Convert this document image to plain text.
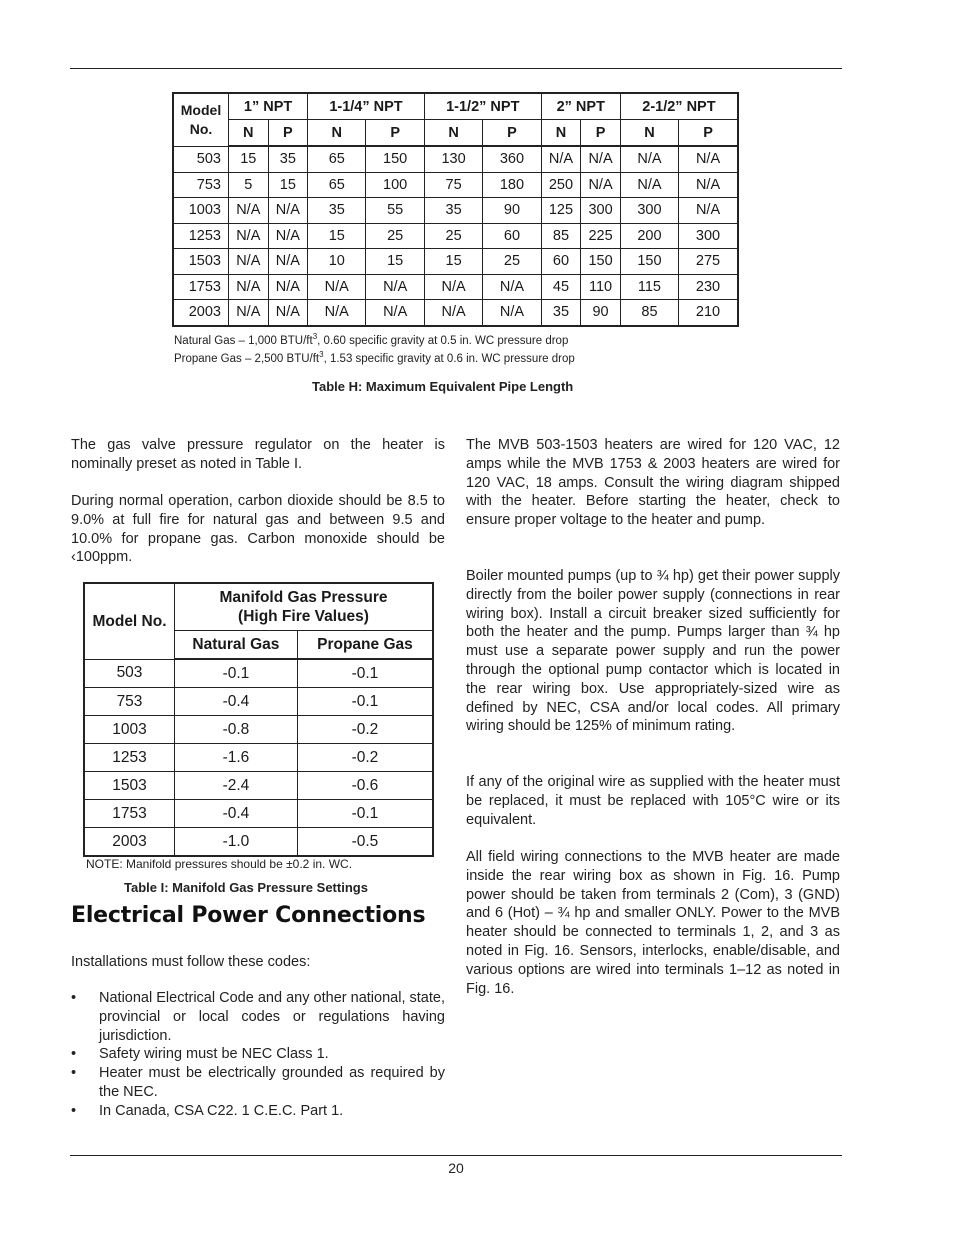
Model No.	1” NPT		1-1/4” NPT		1-1/2” NPT		2” NPT		2-1/2” NPT	
	N	P	N	P	N	P	N	P	N	P
503	15	35	65	150	130	360	N/A	N/A	N/A	N/A
753	5	15	65	100	75	180	250	N/A	N/A	N/A
1003	N/A	N/A	35	55	35	90	125	300	300	N/A
1253	N/A	N/A	15	25	25	60	85	225	200	300
1503	N/A	N/A	10	15	15	25	60	150	150	275
1753	N/A	N/A	N/A	N/A	N/A	N/A	45	110	115	230
2003	N/A	N/A	N/A	N/A	N/A	N/A	35	90	85	210
Natural Gas – 1,000 BTU/$ft^3$, 0.60 specific gravity at 0.5 in. WC pressure drop
Propane Gas – 2,500 BTU/$ft^3$, 1.53 specific gravity at 0.6 in. WC pressure drop
Table H: Maximum Equivalent Pipe Length
The gas valve pressure regulator on the heater is nominally preset as noted in Table I.
During normal operation, carbon dioxide should be 8.5 to 9.0% at full fire for natural gas and between 9.5 and 10.0% for propane gas. Carbon monoxide should be ‹100ppm.
Model No.	Manifold Gas Pressure
(High Fire Values)	
	Natural Gas	Propane Gas
503	-0.1	-0.1
753	-0.4	-0.1
1003	-0.8	-0.2
1253	-1.6	-0.2
1503	-2.4	-0.6
1753	-0.4	-0.1
2003	-1.0	-0.5
NOTE: Manifold pressures should be ±0.2 in. WC.
Table I: Manifold Gas Pressure Settings
Electrical Power Connections
Installations must follow these codes:
• National Electrical Code and any other national, state, provincial or local codes or regulations having jurisdiction.
• Safety wiring must be NEC Class 1.
• Heater must be electrically grounded as required by the NEC.
• In Canada, CSA C22. 1 C.E.C. Part 1.
The MVB 503-1503 heaters are wired for 120 VAC, 12 amps while the MVB 1753 & 2003 heaters are wired for 120 VAC, 18 amps. Consult the wiring diagram shipped with the heater. Before starting the heater, check to ensure proper voltage to the heater and pump.
Boiler mounted pumps (up to ¾ hp) get their power supply directly from the boiler power supply (connections in rear wiring box). Install a circuit breaker sized sufficiently for both the heater and the pump. Pumps larger than ¾ hp must use a separate power supply and run the power through the optional pump contactor which is located in the rear wiring box. Use appropriately-sized wire as defined by NEC, CSA and/or local codes. All primary wiring should be 125% of minimum rating.
If any of the original wire as supplied with the heater must be replaced, it must be replaced with 105°C wire or its equivalent.
All field wiring connections to the MVB heater are made inside the rear wiring box as shown in Fig. 16. Pump power should be taken from terminals 2 (Com), 3 (GND) and 6 (Hot) – ¾ hp and smaller ONLY. Power to the MVB heater should be connected to terminals 1, 2, and 3 as noted in Fig. 16. Sensors, interlocks, enable/disable, and various options are wired into terminals 1–12 as noted in Fig. 16.
20
